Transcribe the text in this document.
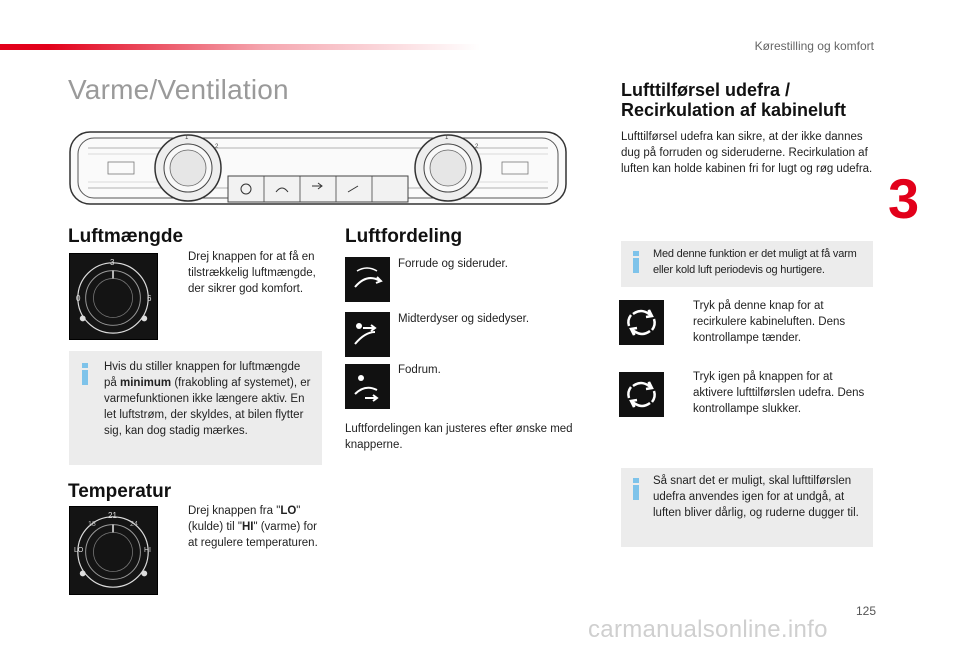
Kørestilling og komfort
3
Varme/Ventilation
1
2
1
2
Luftmængde
3
0	6
Drej knappen for at få en tilstrækkelig luftmængde, der sikrer god komfort.
Hvis du stiller knappen for luftmængde på minimum (frakobling af systemet), er varmefunktionen ikke længere aktiv. En let luftstrøm, der skyldes, at bilen flytter sig, kan dog stadig mærkes.
Temperatur
21
LO	HI
18	24
Drej knappen fra "LO" (kulde) til "HI" (varme) for at regulere temperaturen.
Luftfordeling
Forrude og sideruder.
Midterdyser og sidedyser.
Fodrum.
Luftfordelingen kan justeres efter ønske med knapperne.
Lufttilførsel udefra /
Recirkulation af kabineluft
Lufttilførsel udefra kan sikre, at der ikke dannes dug på forruden og sideruderne. Recirkulation af luften kan holde kabinen fri for lugt og røg udefra.
Med denne funktion er det muligt at få varm eller kold luft periodevis og hurtigere.
Tryk på denne knap for at recirkulere kabineluften. Dens kontrollampe tænder.
Tryk igen på knappen for at aktivere lufttilførslen udefra. Dens kontrollampe slukker.
Så snart det er muligt, skal lufttilførslen udefra anvendes igen for at undgå, at luften bliver dårlig, og ruderne dugger til.
125
carmanualsonline.info
